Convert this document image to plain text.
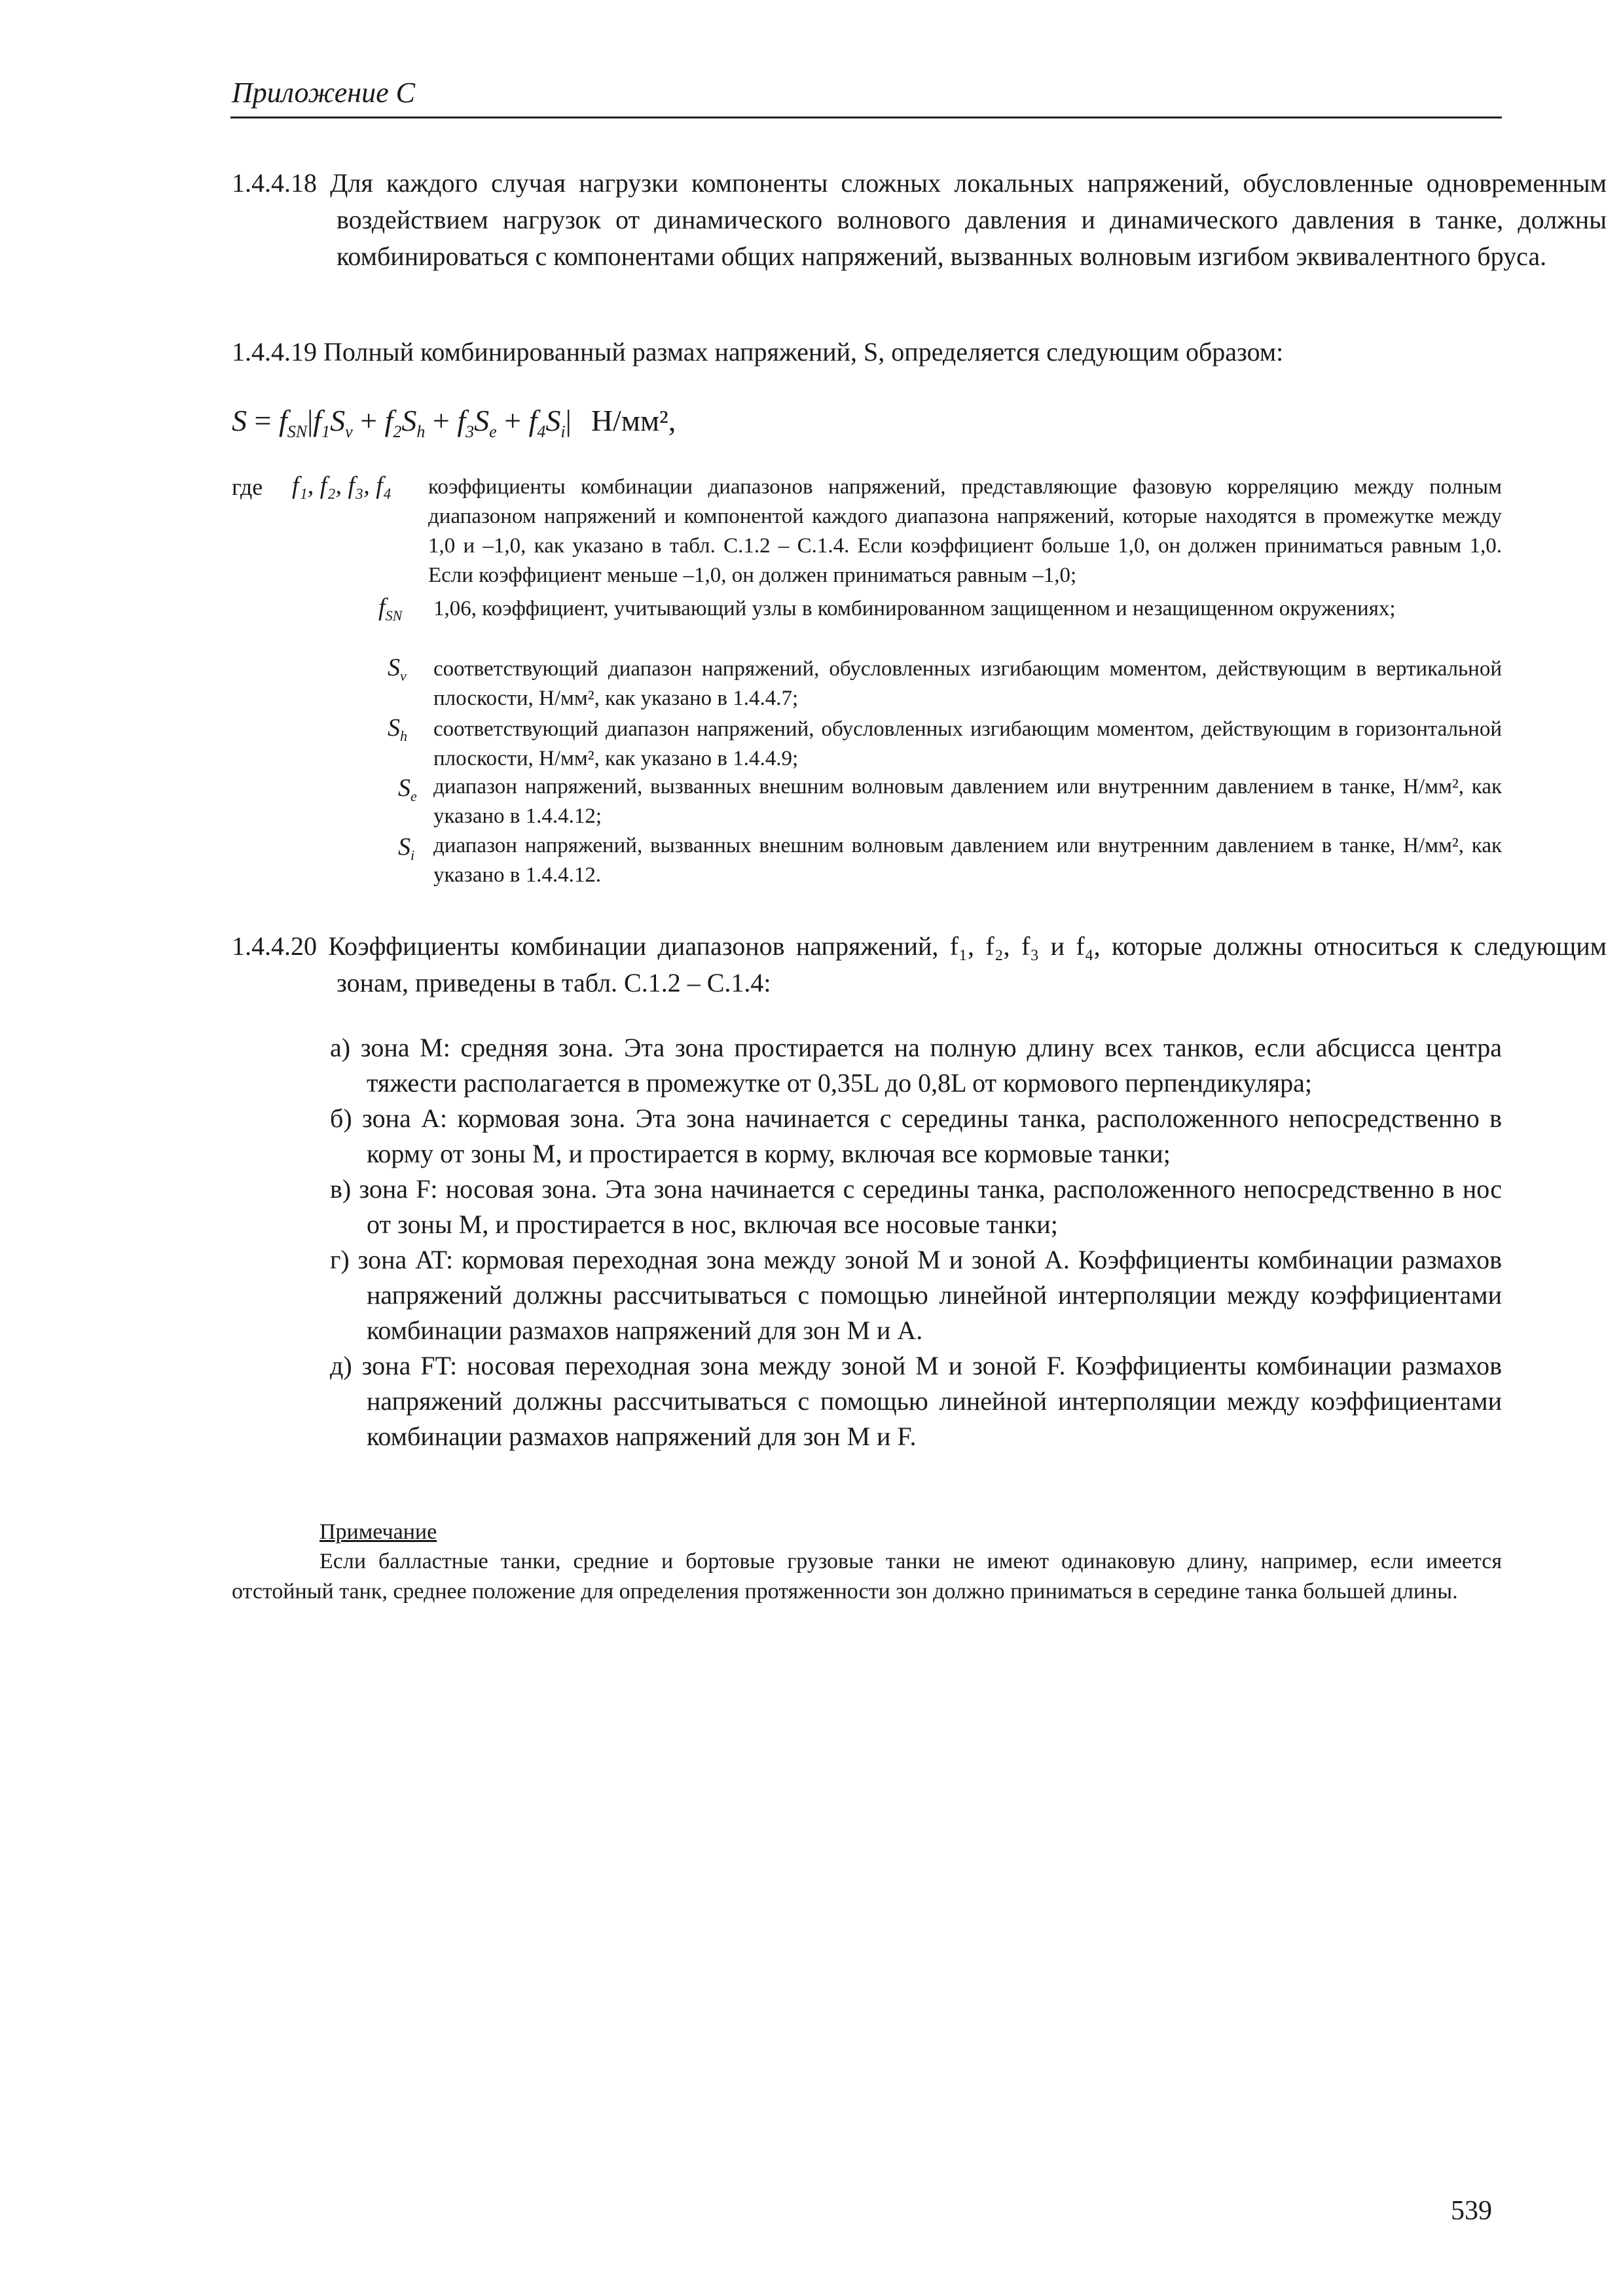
Приложение С
1.4.4.18 Для каждого случая нагрузки компоненты сложных локальных напряжений, обусловленные одновременным воздействием нагрузок от динамического волнового давления и динамического давления в танке, должны комбинироваться с компонентами общих напряжений, вызванных волновым изгибом эквивалентного бруса.
1.4.4.19 Полный комбинированный размах напряжений, S, определяется следующим образом:
$S = f_{SN}|f_1S_v + f_2S_h + f_3S_e + f_4S_i|$ Н/мм²,
где f₁, f₂, f₃, f₄ коэффициенты комбинации диапазонов напряжений, представляющие фазовую корреляцию между полным диапазоном напряжений и компонентой каждого диапазона напряжений, которые находятся в промежутке между 1,0 и –1,0, как указано в табл. С.1.2 – С.1.4. Если коэффициент больше 1,0, он должен приниматься равным 1,0. Если коэффициент меньше –1,0, он должен приниматься равным –1,0;
$f_{SN}$ 1,06, коэффициент, учитывающий узлы в комбинированном защищенном и незащищенном окружениях;
$S_v$ соответствующий диапазон напряжений, обусловленных изгибающим моментом, действующим в вертикальной плоскости, Н/мм², как указано в 1.4.4.7;
$S_h$ соответствующий диапазон напряжений, обусловленных изгибающим моментом, действующим в горизонтальной плоскости, Н/мм², как указано в 1.4.4.9;
$S_e$ диапазон напряжений, вызванных внешним волновым давлением или внутренним давлением в танке, Н/мм², как указано в 1.4.4.12;
$S_i$ диапазон напряжений, вызванных внешним волновым давлением или внутренним давлением в танке, Н/мм², как указано в 1.4.4.12.
1.4.4.20 Коэффициенты комбинации диапазонов напряжений, f₁, f₂, f₃ и f₄, которые должны относиться к следующим зонам, приведены в табл. С.1.2 – С.1.4:
а) зона М: средняя зона. Эта зона простирается на полную длину всех танков, если абсцисса центра тяжести располагается в промежутке от 0,35L до 0,8L от кормового перпендикуляра;
б) зона А: кормовая зона. Эта зона начинается с середины танка, расположенного непосредственно в корму от зоны М, и простирается в корму, включая все кормовые танки;
в) зона F: носовая зона. Эта зона начинается с середины танка, расположенного непосредственно в нос от зоны М, и простирается в нос, включая все носовые танки;
г) зона AT: кормовая переходная зона между зоной М и зоной А. Коэффициенты комбинации размахов напряжений должны рассчитываться с помощью линейной интерполяции между коэффициентами комбинации размахов напряжений для зон М и А.
д) зона FT: носовая переходная зона между зоной М и зоной F. Коэффициенты комбинации размахов напряжений должны рассчитываться с помощью линейной интерполяции между коэффициентами комбинации размахов напряжений для зон М и F.
Примечание
Если балластные танки, средние и бортовые грузовые танки не имеют одинаковую длину, например, если имеется отстойный танк, среднее положение для определения протяженности зон должно приниматься в середине танка большей длины.
539
